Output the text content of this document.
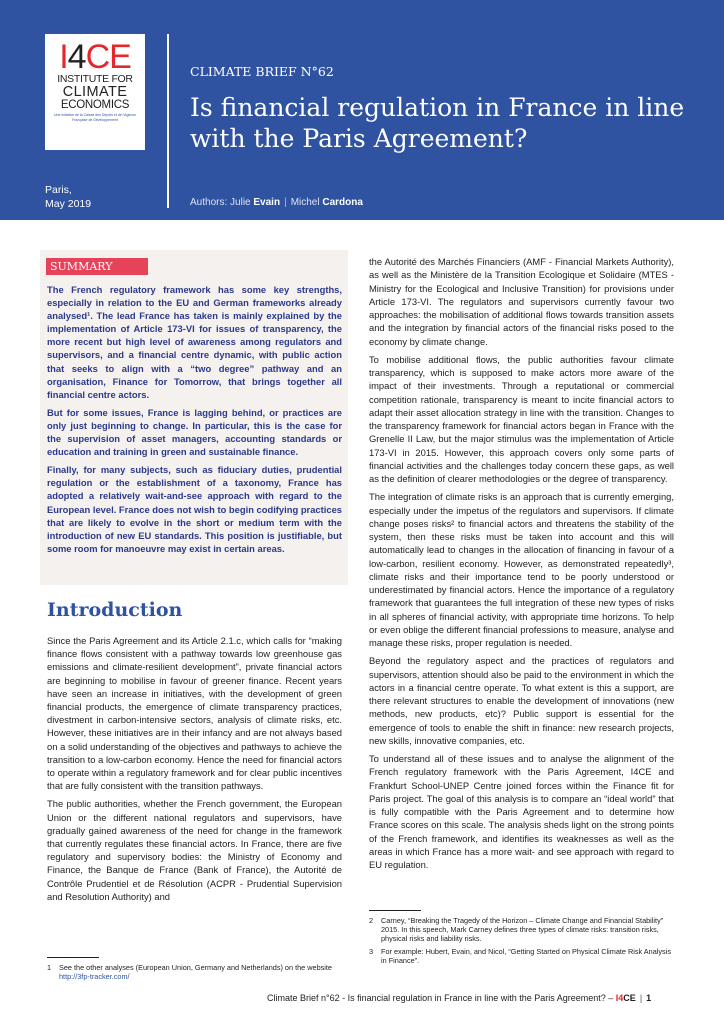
I4CE
INSTITUTE FOR
CLIMATE
ECONOMICS
Une initiative de la Caisse des Dépôts et de l'Agence Française de Développement
Paris,
May 2019
CLIMATE BRIEF N°62
Is financial regulation in France in line with the Paris Agreement?
Authors: Julie Evain | Michel Cardona
SUMMARY

The French regulatory framework has some key strengths, especially in relation to the EU and German frameworks already analysed¹. The lead France has taken is mainly explained by the implementation of Article 173-VI for issues of transparency, the more recent but high level of awareness among regulators and supervisors, and a financial centre dynamic, with public action that seeks to align with a “two degree” pathway and an organisation, Finance for Tomorrow, that brings together all financial centre actors.

But for some issues, France is lagging behind, or practices are only just beginning to change. In particular, this is the case for the supervision of asset managers, accounting standards or education and training in green and sustainable finance.

Finally, for many subjects, such as fiduciary duties, prudential regulation or the establishment of a taxonomy, France has adopted a relatively wait-and-see approach with regard to the European level. France does not wish to begin codifying practices that are likely to evolve in the short or medium term with the introduction of new EU standards. This position is justifiable, but some room for manoeuvre may exist in certain areas.

Introduction

Since the Paris Agreement and its Article 2.1.c, which calls for “making finance flows consistent with a pathway towards low greenhouse gas emissions and climate-resilient development”, private financial actors are beginning to mobilise in favour of greener finance. Recent years have seen an increase in initiatives, with the development of green financial products, the emergence of climate transparency practices, divestment in carbon-intensive sectors, analysis of climate risks, etc. However, these initiatives are in their infancy and are not always based on a solid understanding of the objectives and pathways to achieve the transition to a low-carbon economy. Hence the need for financial actors to operate within a regulatory framework and for clear public incentives that are fully consistent with the transition pathways.

The public authorities, whether the French government, the European Union or the different national regulators and supervisors, have gradually gained awareness of the need for change in the framework that currently regulates these financial actors. In France, there are five regulatory and supervisory bodies: the Ministry of Economy and Finance, the Banque de France (Bank of France), the Autorité de Contrôle Prudentiel et de Résolution (ACPR - Prudential Supervision and Resolution Authority) and

1	See the other analyses (European Union, Germany and Netherlands) on the website http://3fp-tracker.com/

the Autorité des Marchés Financiers (AMF - Financial Markets Authority), as well as the Ministère de la Transition Ecologique et Solidaire (MTES - Ministry for the Ecological and Inclusive Transition) for provisions under Article 173-VI. The regulators and supervisors currently favour two approaches: the mobilisation of additional flows towards transition assets and the integration by financial actors of the financial risks posed to the economy by climate change.

To mobilise additional flows, the public authorities favour climate transparency, which is supposed to make actors more aware of the impact of their investments. Through a reputational or commercial competition rationale, transparency is meant to incite financial actors to adapt their asset allocation strategy in line with the transition. Changes to the transparency framework for financial actors began in France with the Grenelle II Law, but the major stimulus was the implementation of Article 173-VI in 2015. However, this approach covers only some parts of financial activities and the challenges today concern these gaps, as well as the definition of clearer methodologies or the degree of transparency.

The integration of climate risks is an approach that is currently emerging, especially under the impetus of the regulators and supervisors. If climate change poses risks² to financial actors and threatens the stability of the system, then these risks must be taken into account and this will automatically lead to changes in the allocation of financing in favour of a low-carbon, resilient economy. However, as demonstrated repeatedly³, climate risks and their importance tend to be poorly understood or underestimated by financial actors. Hence the importance of a regulatory framework that guarantees the full integration of these new types of risks in all spheres of financial activity, with appropriate time horizons. To help or even oblige the different financial professions to measure, analyse and manage these risks, proper regulation is needed.

Beyond the regulatory aspect and the practices of regulators and supervisors, attention should also be paid to the environment in which the actors in a financial centre operate. To what extent is this a support, are there relevant structures to enable the development of innovations (new methods, new products, etc)? Public support is essential for the emergence of tools to enable the shift in finance: new research projects, new skills, innovative companies, etc.

To understand all of these issues and to analyse the alignment of the French regulatory framework with the Paris Agreement, I4CE and Frankfurt School-UNEP Centre joined forces within the Finance fit for Paris project. The goal of this analysis is to compare an “ideal world” that is fully compatible with the Paris Agreement and to determine how France scores on this scale. The analysis sheds light on the strong points of the French framework, and identifies its weaknesses as well as the areas in which France has a more wait- and see approach with regard to EU regulation.

2	Carney, “Breaking the Tragedy of the Horizon – Climate Change and Financial Stability” 2015. In this speech, Mark Carney defines three types of climate risks: transition risks, physical risks and liability risks.
3	For example: Hubert, Evain, and Nicol, “Getting Started on Physical Climate Risk Analysis in Finance”.
Climate Brief n°62 - Is financial regulation in France in line with the Paris Agreement? – I4CE | 1
